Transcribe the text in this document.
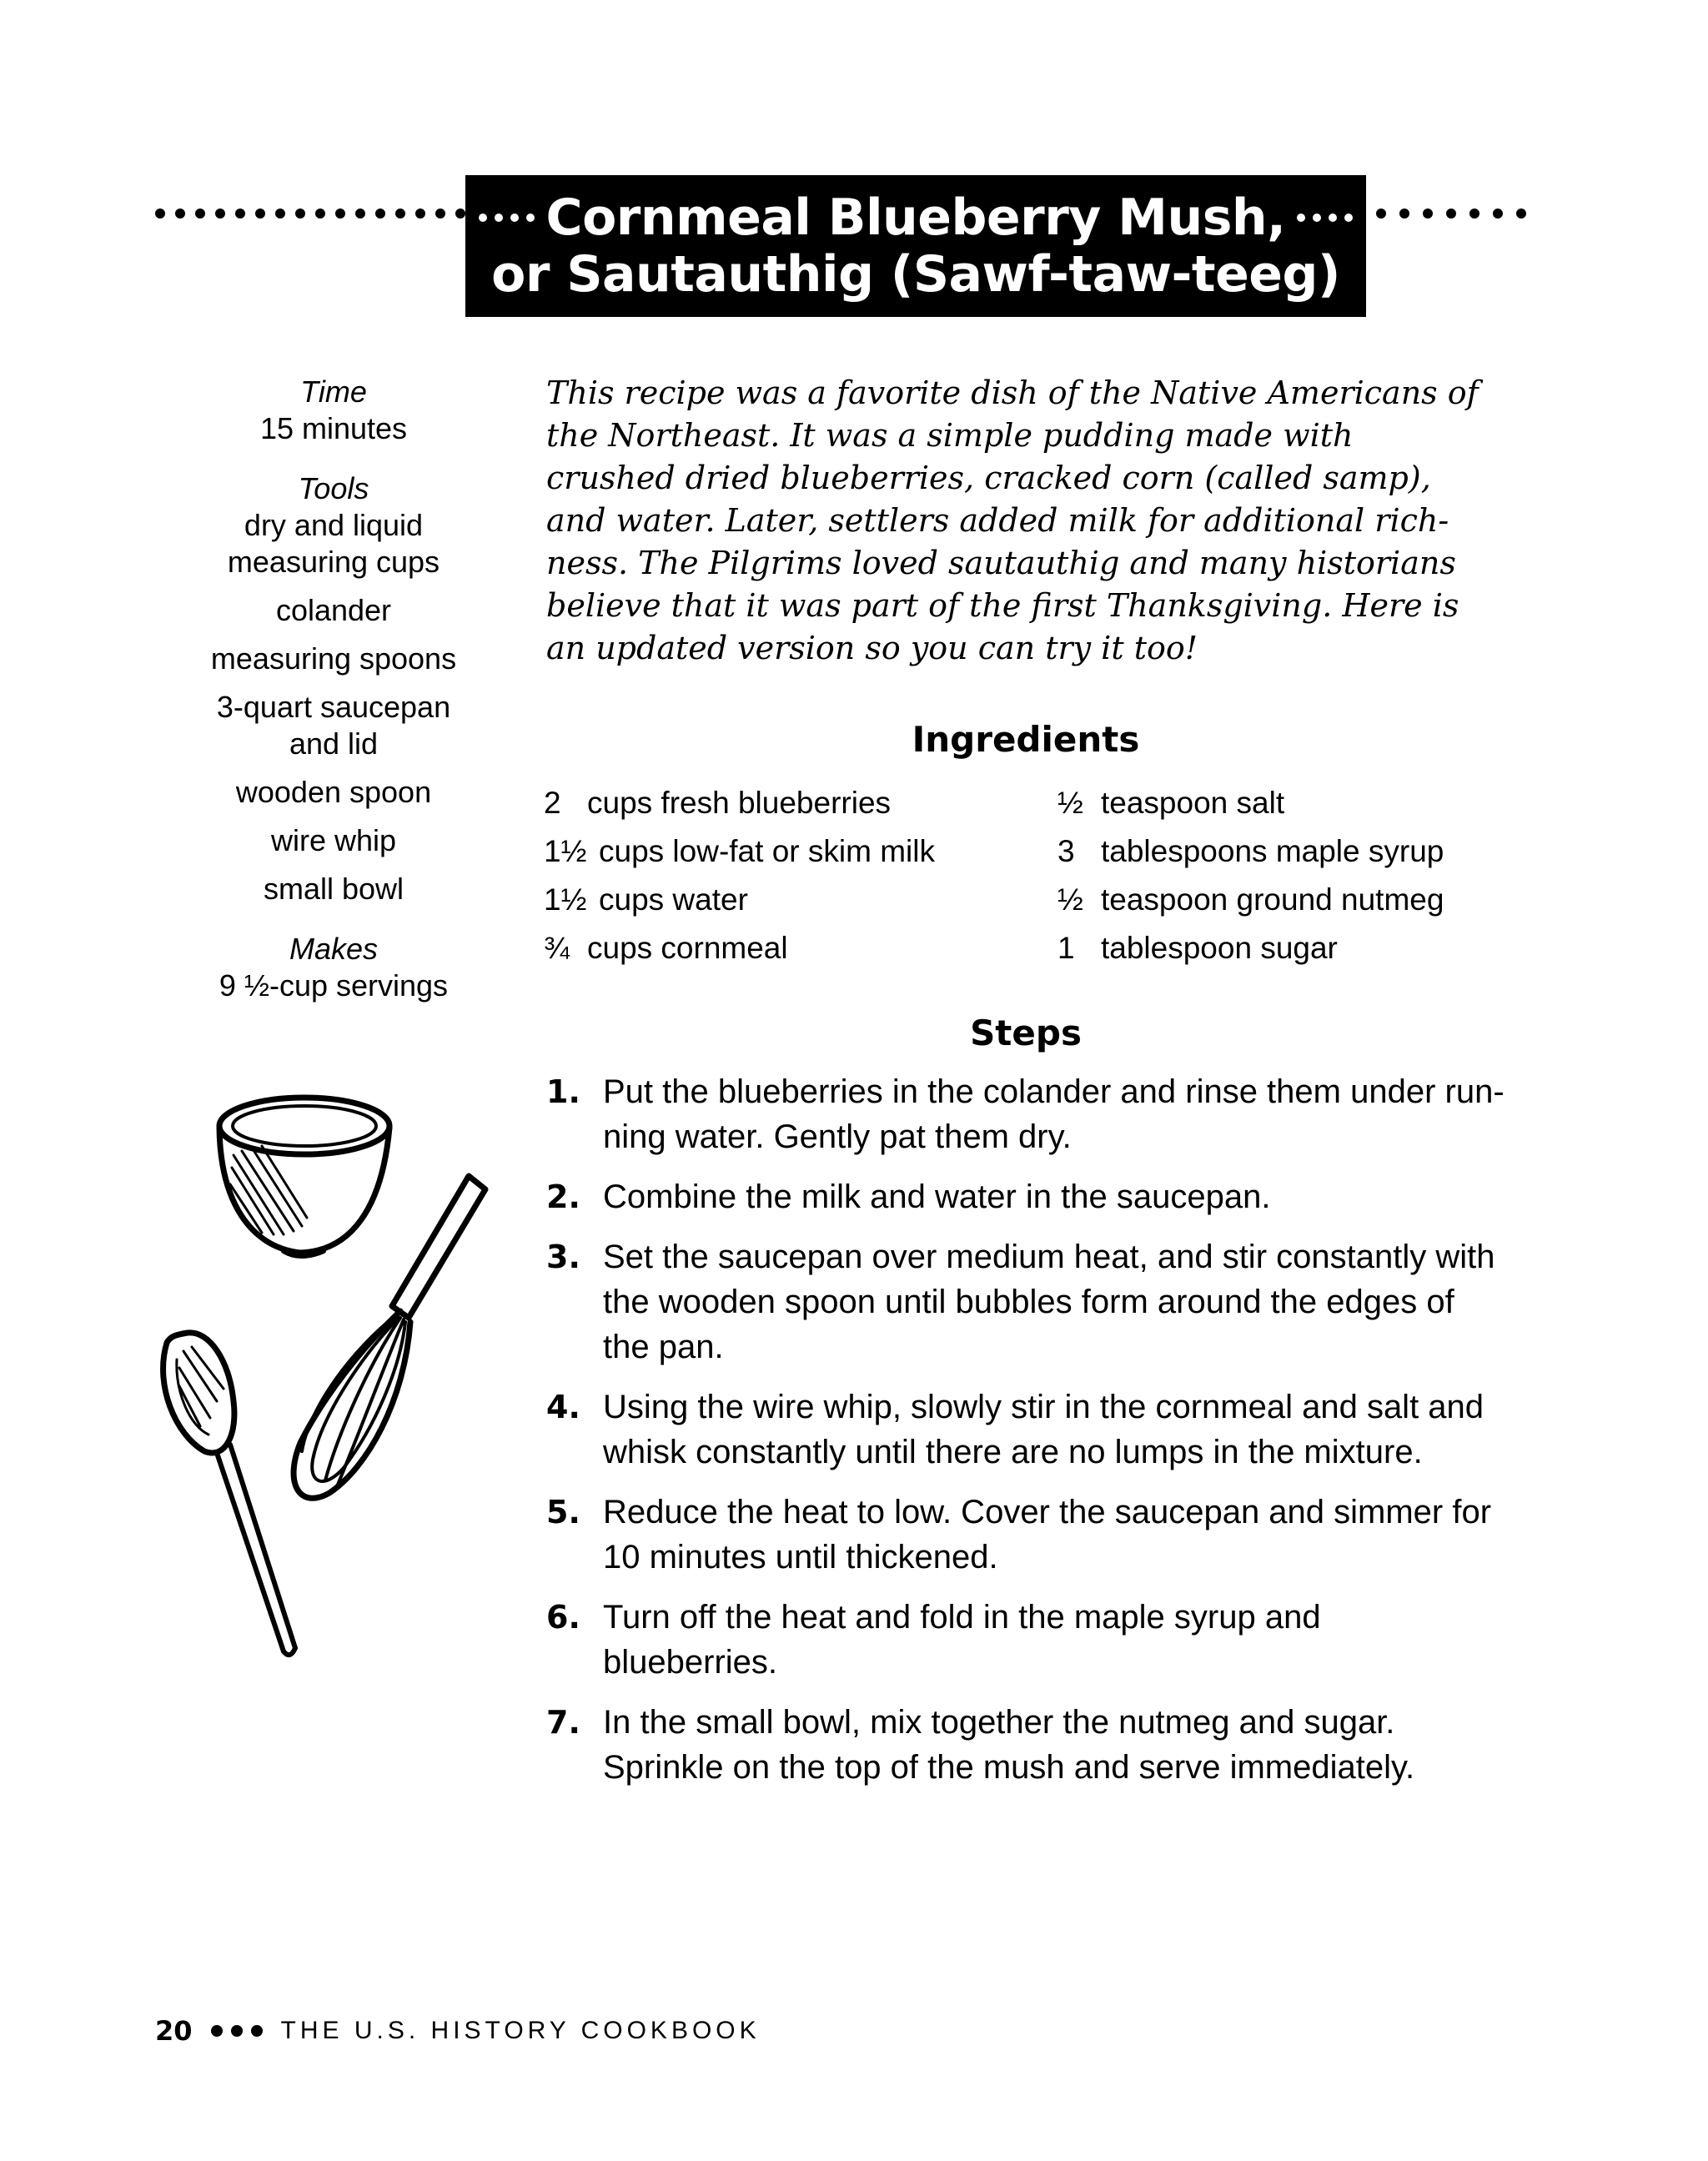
Cornmeal Blueberry Mush,
or Sautauthig (Sawf-taw-teeg)
Time
15 minutes
Tools
dry and liquid
measuring cups
colander
measuring spoons
3-quart saucepan
and lid
wooden spoon
wire whip
small bowl
Makes
9 ½-cup servings
This recipe was a favorite dish of the Native Americans of
the Northeast. It was a simple pudding made with
crushed dried blueberries, cracked corn (called samp),
and water. Later, settlers added milk for additional rich-
ness. The Pilgrims loved sautauthig and many historians
believe that it was part of the first Thanksgiving. Here is
an updated version so you can try it too!
Ingredients
2 cups fresh blueberries
1½ cups low-fat or skim milk
1½ cups water
¾ cups cornmeal
½ teaspoon salt
3 tablespoons maple syrup
½ teaspoon ground nutmeg
1 tablespoon sugar
Steps
1. Put the blueberries in the colander and rinse them under run-
ning water. Gently pat them dry.
2. Combine the milk and water in the saucepan.
3. Set the saucepan over medium heat, and stir constantly with
the wooden spoon until bubbles form around the edges of
the pan.
4. Using the wire whip, slowly stir in the cornmeal and salt and
whisk constantly until there are no lumps in the mixture.
5. Reduce the heat to low. Cover the saucepan and simmer for
10 minutes until thickened.
6. Turn off the heat and fold in the maple syrup and
blueberries.
7. In the small bowl, mix together the nutmeg and sugar.
Sprinkle on the top of the mush and serve immediately.
20	THE U.S. HISTORY COOKBOOK
